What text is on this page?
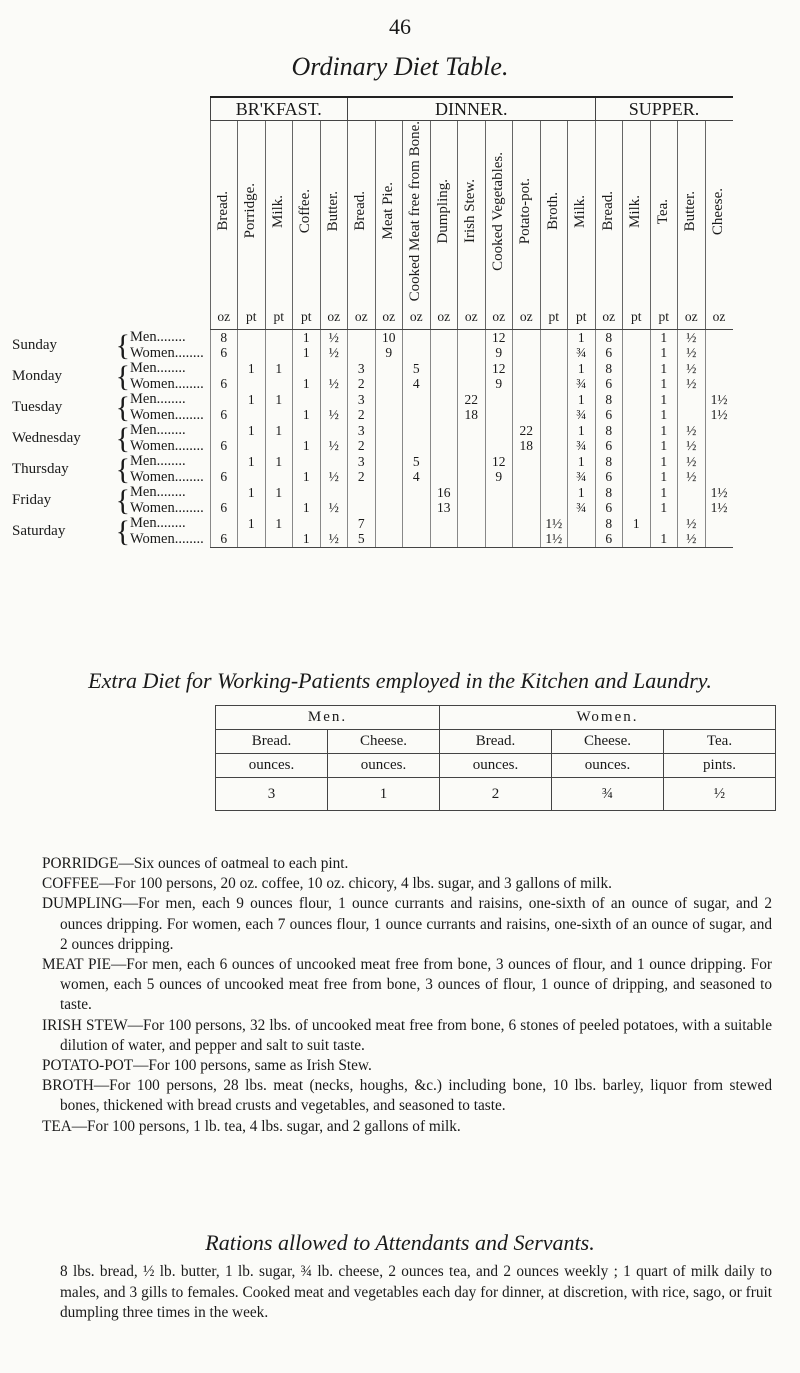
46
Ordinary Diet Table.
			BR'KFAST.					DINNER.									SUPPER.				
			Bread.	Porridge.	Milk.	Coffee.	Butter.	Bread.	Meat Pie.	Cooked Meat free from Bone.	Dumpling.	Irish Stew.	Cooked Vegetables.	Potato-pot.	Broth.	Milk.	Bread.	Milk.	Tea.	Butter.	Cheese.
			oz	pt	pt	pt	oz	oz	oz	oz	oz	oz	oz	oz	pt	pt	oz	pt	pt	oz	oz
Sunday	{	Men........	8			1	½		10				12			1	8		1	½	
		Women........	6			1	½		9				9			¾	6		1	½	
Monday	{	Men........		1	1			3		5			12			1	8		1	½	
		Women........	6			1	½	2		4			9			¾	6		1	½	
Tuesday	{	Men........		1	1			3				22				1	8		1		1½
		Women........	6			1	½	2				18				¾	6		1		1½
Wednesday	{	Men........		1	1			3						22		1	8		1	½	
		Women........	6			1	½	2						18		¾	6		1	½	
Thursday	{	Men........		1	1			3		5			12			1	8		1	½	
		Women........	6			1	½	2		4			9			¾	6		1	½	
Friday	{	Men........		1	1						16					1	8		1		1½
		Women........	6			1	½				13					¾	6		1		1½
Saturday	{	Men........		1	1			7							1½		8	1		½	
		Women........	6			1	½	5							1½		6		1	½	
Extra Diet for Working-Patients employed in the Kitchen and Laundry.
Men.		Women.		
Bread.	Cheese.	Bread.	Cheese.	Tea.
ounces.	ounces.	ounces.	ounces.	pints.
3	1	2	¾	½

PORRIDGE—Six ounces of oatmeal to each pint.

COFFEE—For 100 persons, 20 oz. coffee, 10 oz. chicory, 4 lbs. sugar, and 3 gallons of milk.

DUMPLING—For men, each 9 ounces flour, 1 ounce currants and raisins, one-sixth of an ounce of sugar, and 2 ounces dripping. For women, each 7 ounces flour, 1 ounce currants and raisins, one-sixth of an ounce of sugar, and 2 ounces dripping.

MEAT PIE—For men, each 6 ounces of uncooked meat free from bone, 3 ounces of flour, and 1 ounce dripping. For women, each 5 ounces of uncooked meat free from bone, 3 ounces of flour, 1 ounce of dripping, and seasoned to taste.

IRISH STEW—For 100 persons, 32 lbs. of uncooked meat free from bone, 6 stones of peeled potatoes, with a suitable dilution of water, and pepper and salt to suit taste.

POTATO-POT—For 100 persons, same as Irish Stew.

BROTH—For 100 persons, 28 lbs. meat (necks, houghs, &c.) including bone, 10 lbs. barley, liquor from stewed bones, thickened with bread crusts and vegetables, and seasoned to taste.

TEA—For 100 persons, 1 lb. tea, 4 lbs. sugar, and 2 gallons of milk.

Rations allowed to Attendants and Servants.

8 lbs. bread, ½ lb. butter, 1 lb. sugar, ¾ lb. cheese, 2 ounces tea, and 2 ounces weekly ; 1 quart of milk daily to males, and 3 gills to females. Cooked meat and vegetables each day for dinner, at discretion, with rice, sago, or fruit dumpling three times in the week.
